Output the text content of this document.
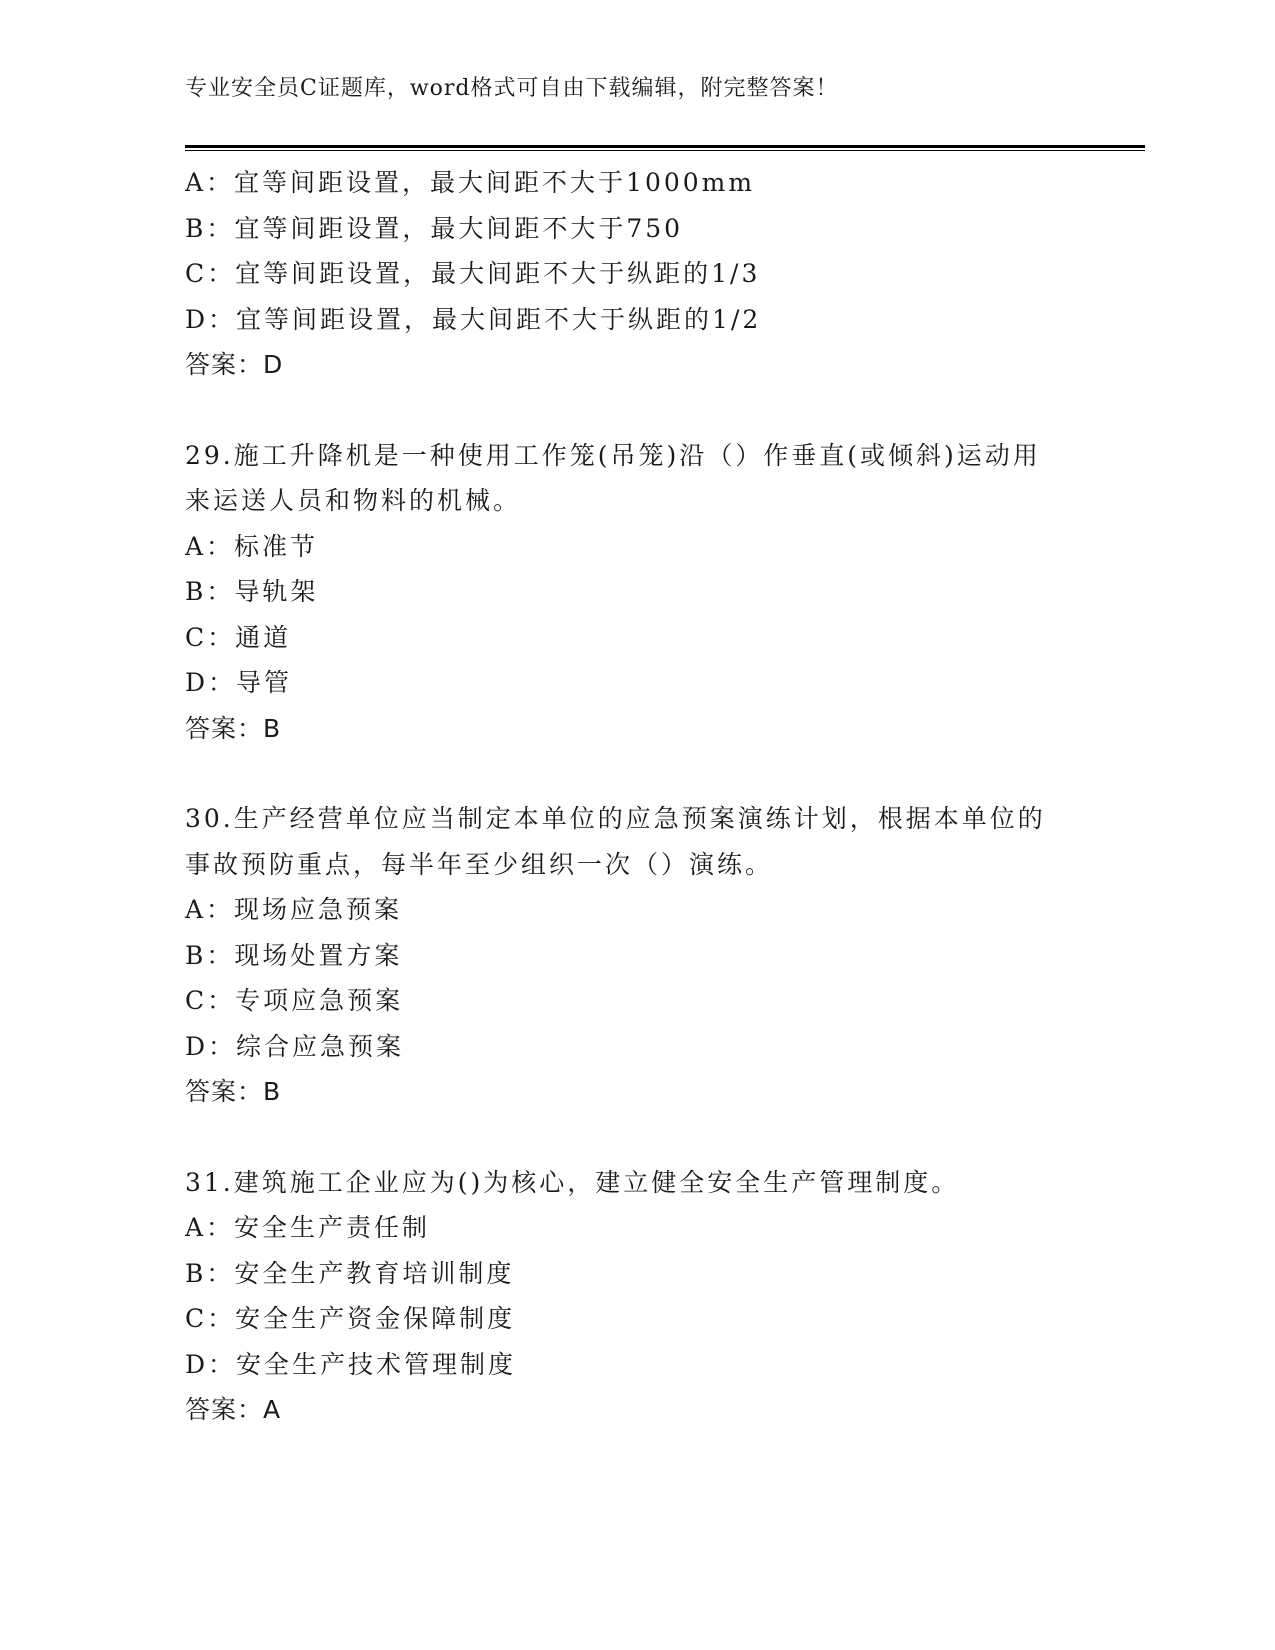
专业安全员C证题库，word格式可自由下载编辑，附完整答案！
A：宜等间距设置，最大间距不大于1000mm
B：宜等间距设置，最大间距不大于750
C：宜等间距设置，最大间距不大于纵距的1/3
D：宜等间距设置，最大间距不大于纵距的1/2
答案：D
29.施工升降机是一种使用工作笼(吊笼)沿（）作垂直(或倾斜)运动用
来运送人员和物料的机械。
A：标准节
B：导轨架
C：通道
D：导管
答案：B
30.生产经营单位应当制定本单位的应急预案演练计划，根据本单位的
事故预防重点，每半年至少组织一次（）演练。
A：现场应急预案
B：现场处置方案
C：专项应急预案
D：综合应急预案
答案：B
31.建筑施工企业应为()为核心，建立健全安全生产管理制度。
A：安全生产责任制
B：安全生产教育培训制度
C：安全生产资金保障制度
D：安全生产技术管理制度
答案：A
